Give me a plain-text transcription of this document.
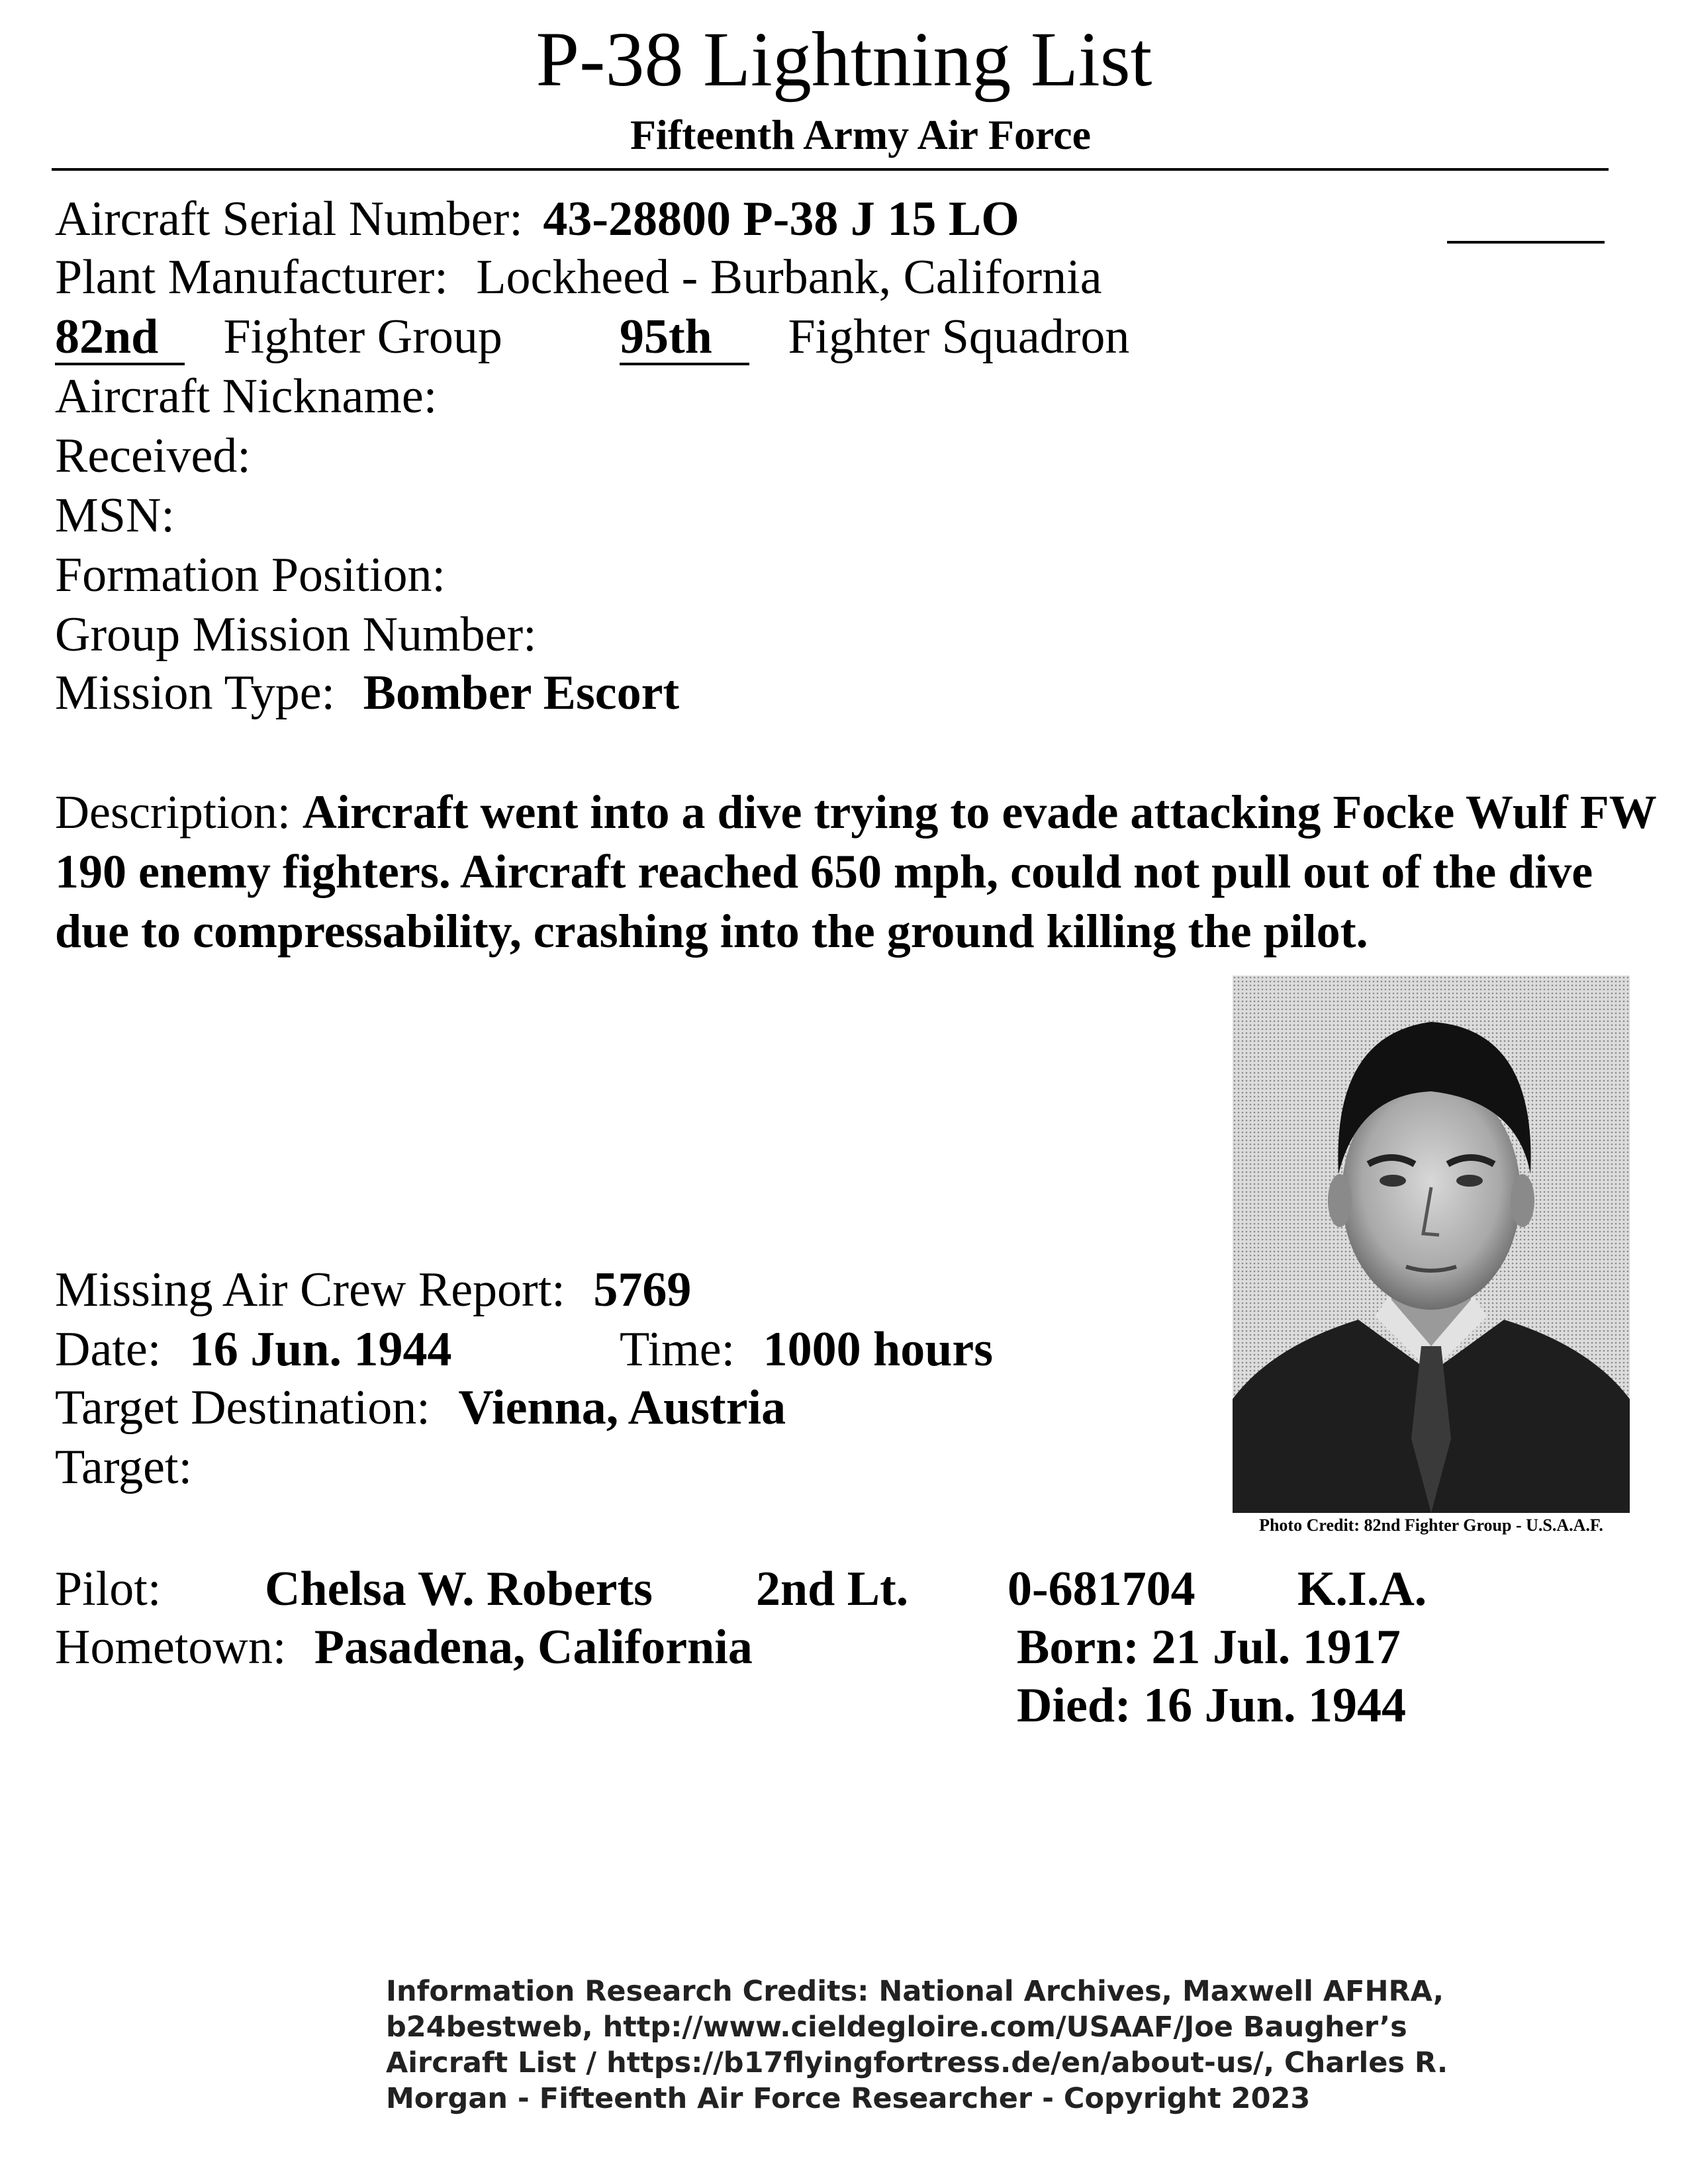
P-38 Lightning List
Fifteenth Army Air Force
Aircraft Serial Number: 43-28800 P-38 J 15 LO
Plant Manufacturer: Lockheed - Burbank, California
82nd Fighter Group 95th Fighter Squadron
Aircraft Nickname:
Received:
MSN:
Formation Position:
Group Mission Number:
Mission Type: Bomber Escort
Description: Aircraft went into a dive trying to evade attacking Focke Wulf FW 190 enemy fighters. Aircraft reached 650 mph, could not pull out of the dive due to compressability, crashing into the ground killing the pilot.
Missing Air Crew Report: 5769
Date: 16 Jun. 1944	Time: 1000 hours
Target Destination: Vienna, Austria
Target:
Photo Credit: 82nd Fighter Group - U.S.A.A.F.
Pilot: Chelsa W. Roberts 2nd Lt. 0-681704 K.I.A.
Hometown: Pasadena, California	Born: 21 Jul. 1917
Died: 16 Jun. 1944
Information Research Credits: National Archives, Maxwell AFHRA,
b24bestweb, http://www.cieldegloire.com/USAAF/Joe Baugher’s
Aircraft List / https://b17flyingfortress.de/en/about-us/, Charles R.
Morgan - Fifteenth Air Force Researcher - Copyright 2023
